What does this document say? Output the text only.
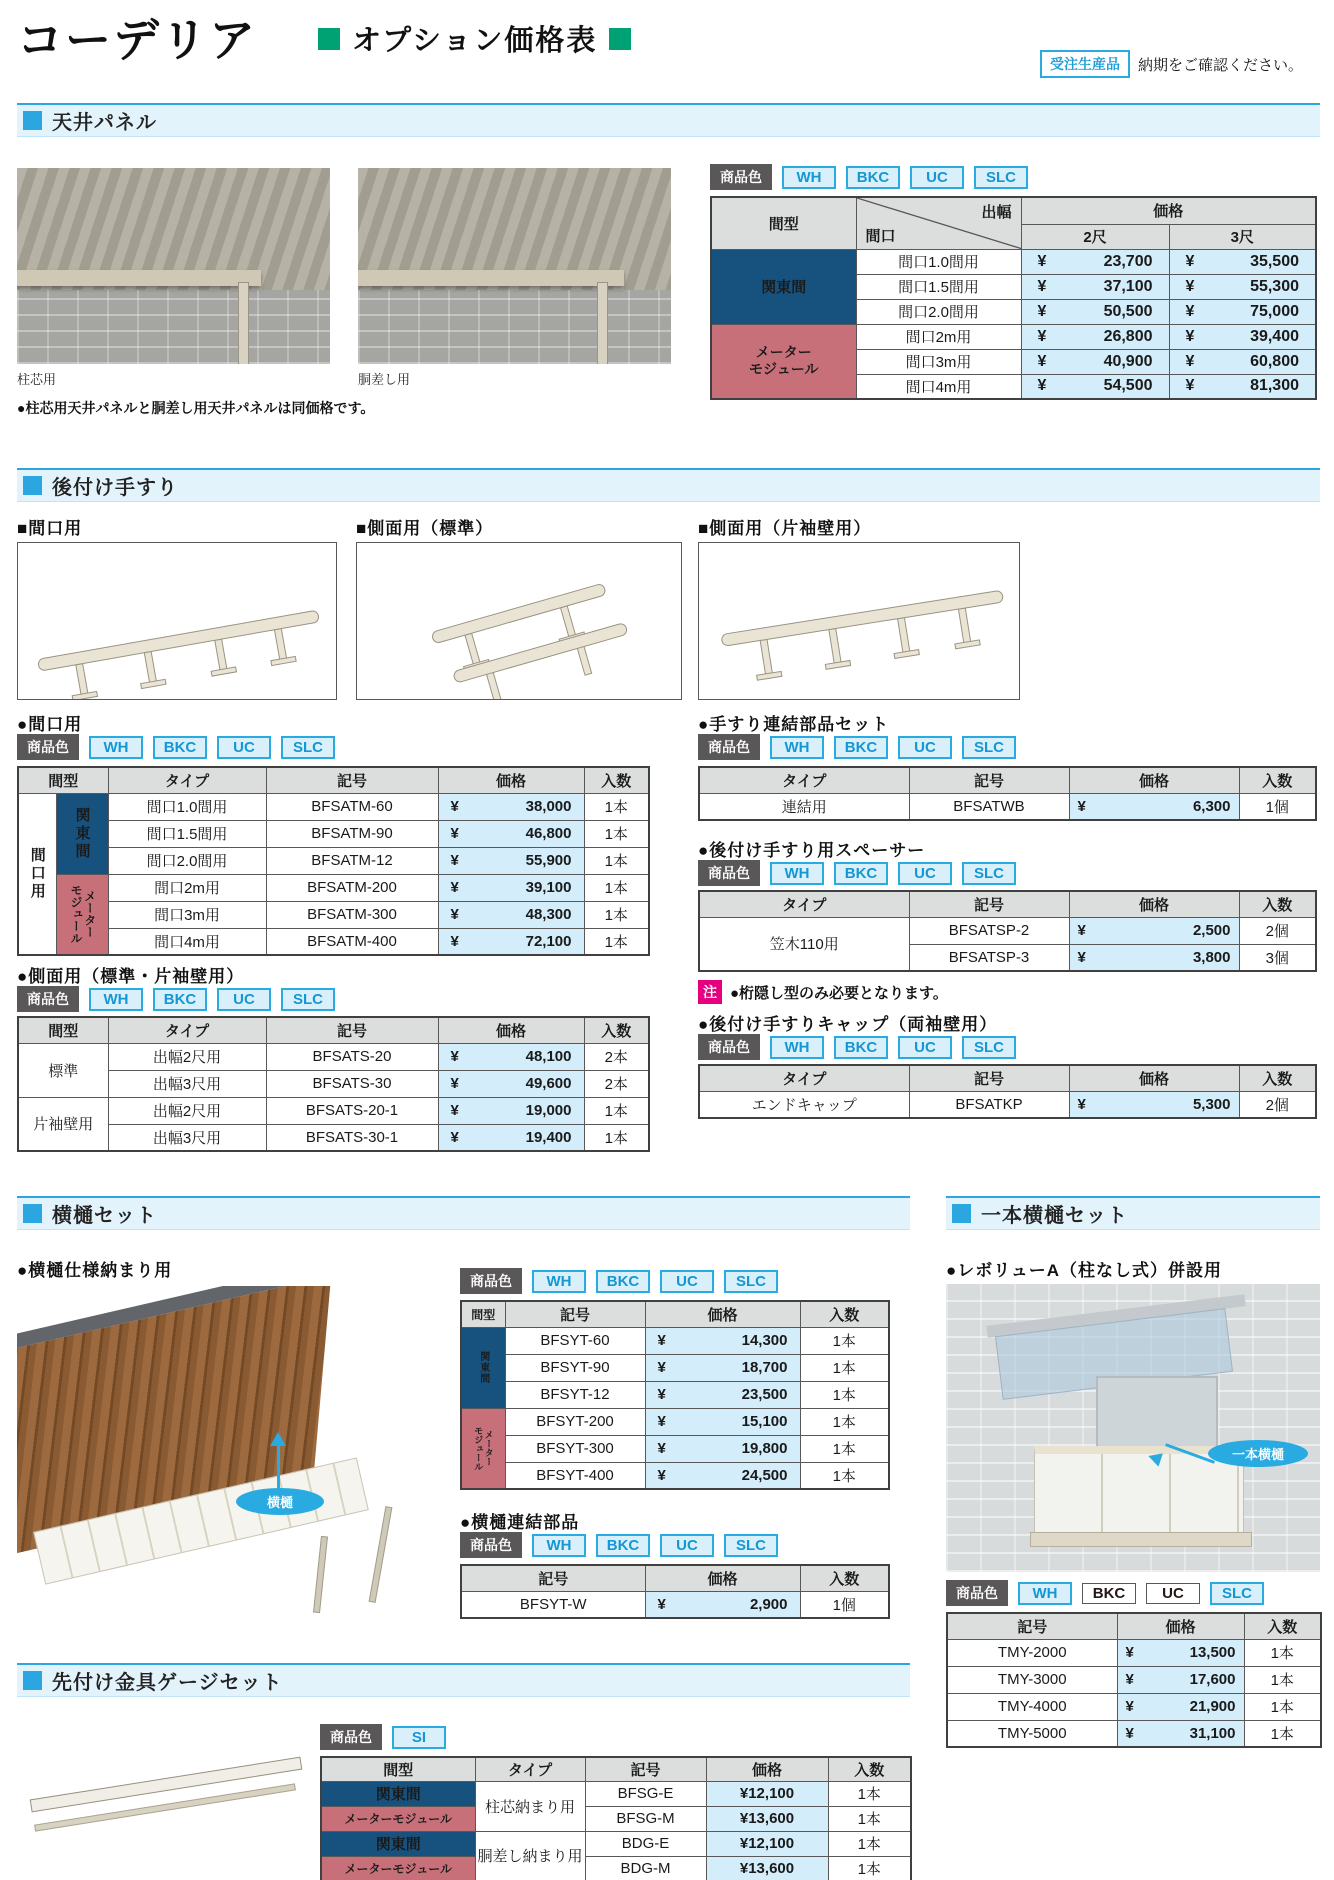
コーデリア	オプション価格表
受注生産品	納期をご確認ください。
天井パネル
柱芯用	胴差し用
●柱芯用天井パネルと胴差し用天井パネルは同価格です。
商品色	WH	BKC	UC	SLC
間型	出幅
間口	価格	
		2尺	3尺
関東間	間口1.0間用	¥ 23,700	¥ 35,500

	間口1.5間用	¥ 37,100	¥ 55,300

	間口2.0間用	¥ 50,500	¥ 75,000

メーター
モジュール	間口2m用	¥ 26,800	¥ 39,400

	間口3m用	¥ 40,900	¥ 60,800

	間口4m用	¥ 54,500	¥ 81,300
後付け手すり
■間口用	■側面用（標準）	■側面用（片袖壁用）
●間口用
商品色	WH	BKC	UC	SLC
間型		タイプ	記号	価格	入数

間口用	関東間	間口1.0間用	BFSATM-60	¥ 38,000	1本
		間口1.5間用	BFSATM-90	¥ 46,800	1本
		間口2.0間用	BFSATM-12	¥ 55,900	1本

	メーター
モジュール	間口2m用	BFSATM-200	¥ 39,100	1本
		間口3m用	BFSATM-300	¥ 48,300	1本
		間口4m用	BFSATM-400	¥ 72,100	1本
●側面用（標準・片袖壁用）
商品色	WH	BKC	UC	SLC
間型	タイプ	記号	価格	入数
標準	出幅2尺用	BFSATS-20	¥ 48,100	2本
	出幅3尺用	BFSATS-30	¥ 49,600	2本
片袖壁用	出幅2尺用	BFSATS-20-1	¥ 19,000	1本
	出幅3尺用	BFSATS-30-1	¥ 19,400	1本
●手すり連結部品セット
商品色	WH	BKC	UC	SLC
タイプ	記号	価格	入数
連結用	BFSATWB	¥ 6,300	1個
●後付け手すり用スペーサー
商品色	WH	BKC	UC	SLC
タイプ	記号	価格	入数
笠木110用	BFSATSP-2	¥ 2,500	2個
	BFSATSP-3	¥ 3,800	3個
注 ●桁隠し型のみ必要となります。
●後付け手すりキャップ（両袖壁用）
商品色	WH	BKC	UC	SLC
タイプ	記号	価格	入数
エンドキャップ	BFSATKP	¥ 5,300	2個
横樋セット	一本横樋セット
●横樋仕様納まり用
横樋
商品色	WH	BKC	UC	SLC
間型	記号	価格	入数

関東間	BFSYT-60	¥ 14,300	1本
	BFSYT-90	¥ 18,700	1本
	BFSYT-12	¥ 23,500	1本

メーター
モジュール	BFSYT-200	¥ 15,100	1本
	BFSYT-300	¥ 19,800	1本
	BFSYT-400	¥ 24,500	1本
●横樋連結部品
商品色	WH	BKC	UC	SLC
記号	価格	入数
BFSYT-W	¥ 2,900	1個
●レボリューA（柱なし式）併設用
一本横樋
商品色	WH	BKC	UC	SLC
記号	価格	入数
TMY-2000	¥ 13,500	1本
TMY-3000	¥ 17,600	1本
TMY-4000	¥ 21,900	1本
TMY-5000	¥ 31,100	1本
先付け金具ゲージセット
商品色	SI
間型	タイプ	記号	価格	入数
関東間	柱芯納まり用	BFSG-E	¥12,100	1本
メーターモジュール		BFSG-M	¥13,600	1本
関東間	胴差し納まり用	BDG-E	¥12,100	1本
メーターモジュール		BDG-M	¥13,600	1本
